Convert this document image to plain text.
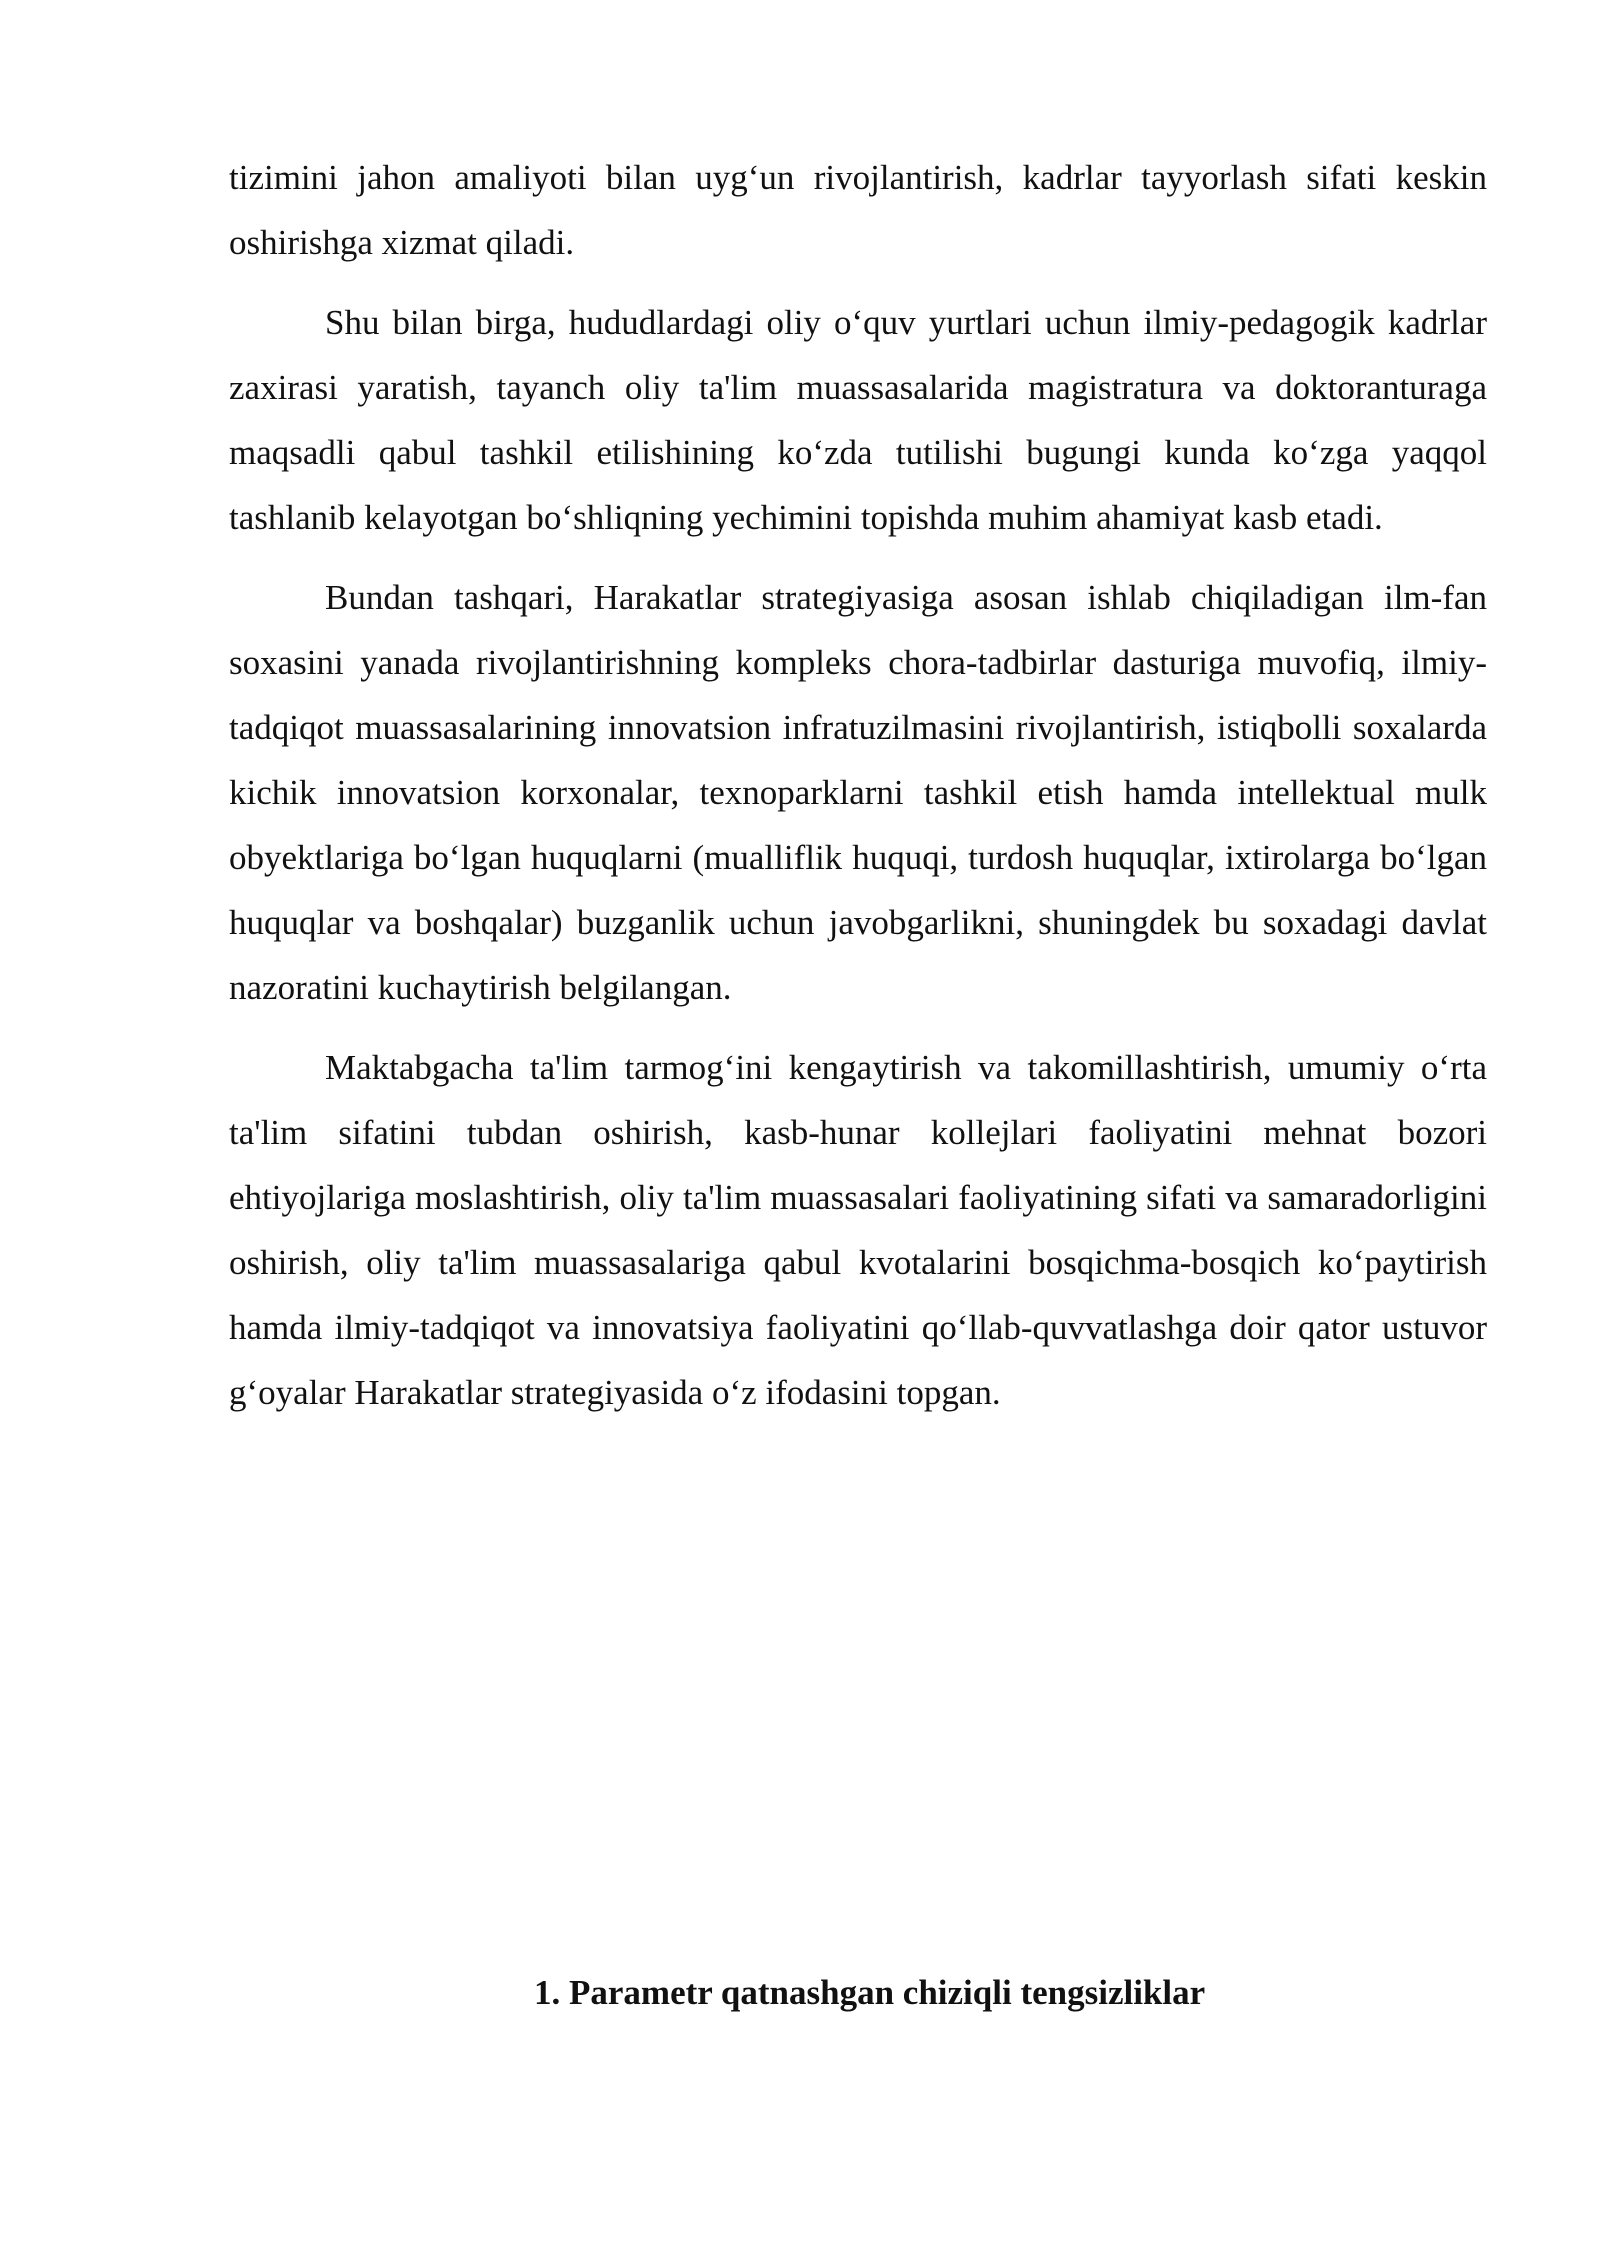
tizimini jahon amaliyoti bilan uyg‘un rivojlantirish, kadrlar tayyorlash sifati keskin oshirishga xizmat qiladi.

Shu bilan birga, hududlardagi oliy o‘quv yurtlari uchun ilmiy-pedagogik kadrlar zaxirasi yaratish, tayanch oliy ta'lim muassasalarida magistratura va doktoranturaga maqsadli qabul tashkil etilishining ko‘zda tutilishi bugungi kunda ko‘zga yaqqol tashlanib kelayotgan bo‘shliqning yechimini topishda muhim ahamiyat kasb etadi.

Bundan tashqari, Harakatlar strategiyasiga asosan ishlab chiqiladigan ilm-fan soxasini yanada rivojlantirishning kompleks chora-tadbirlar dasturiga muvofiq, ilmiy-tadqiqot muassasalarining innovatsion infratuzilmasini rivojlantirish, istiqbolli soxalarda kichik innovatsion korxonalar, texnoparklarni tashkil etish hamda intellektual mulk obyektlariga bo‘lgan huquqlarni (mualliflik huquqi, turdosh huquqlar, ixtirolarga bo‘lgan huquqlar va boshqalar) buzganlik uchun javobgarlikni, shuningdek bu soxadagi davlat nazoratini kuchaytirish belgilangan.

Maktabgacha ta'lim tarmog‘ini kengaytirish va takomillashtirish, umumiy o‘rta ta'lim sifatini tubdan oshirish, kasb-hunar kollejlari faoliyatini mehnat bozori ehtiyojlariga moslashtirish, oliy ta'lim muassasalari faoliyatining sifati va samaradorligini oshirish, oliy ta'lim muassasalariga qabul kvotalarini bosqichma-bosqich ko‘paytirish hamda ilmiy-tadqiqot va innovatsiya faoliyatini qo‘llab-quvvatlashga doir qator ustuvor g‘oyalar Harakatlar strategiyasida o‘z ifodasini topgan.

1. Parametr qatnashgan chiziqli tengsizliklar
